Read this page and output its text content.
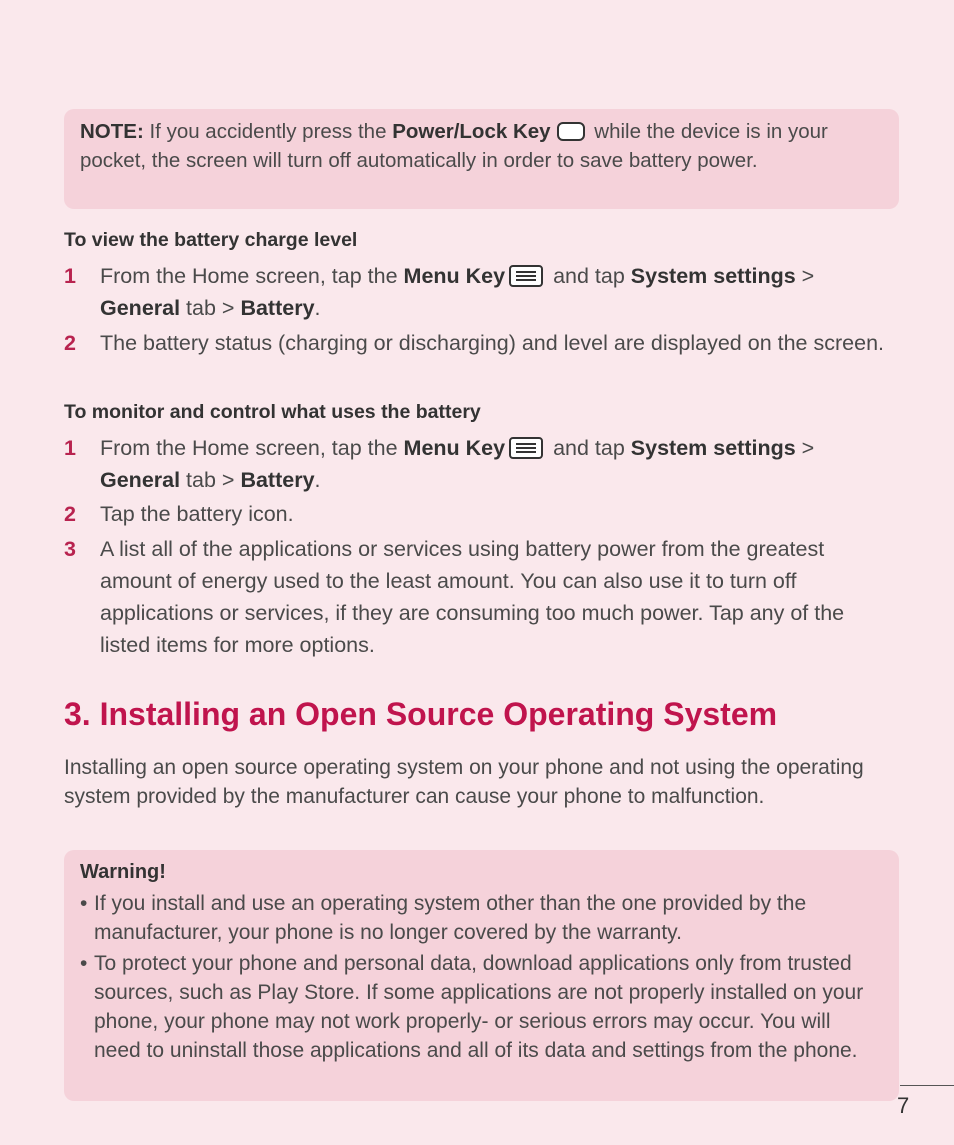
NOTE: If you accidently press the Power/Lock Key while the device is in your pocket, the screen will turn off automatically in order to save battery power.
To view the battery charge level
1 From the Home screen, tap the Menu Key
and tap System settings > General tab > Battery.
2 The battery status (charging or discharging) and level are displayed on the screen.
To monitor and control what uses the battery
1 From the Home screen, tap the Menu Key
and tap System settings > General tab > Battery.
2 Tap the battery icon.
3 A list all of the applications or services using battery power from the greatest amount of energy used to the least amount. You can also use it to turn off applications or services, if they are consuming too much power. Tap any of the listed items for more options.
3. Installing an Open Source Operating System
Installing an open source operating system on your phone and not using the operating system provided by the manufacturer can cause your phone to malfunction.
Warning!
• If you install and use an operating system other than the one provided by the manufacturer, your phone is no longer covered by the warranty.
• To protect your phone and personal data, download applications only from trusted sources, such as Play Store. If some applications are not properly installed on your phone, your phone may not work properly- or serious errors may occur. You will need to uninstall those applications and all of its data and settings from the phone.
7
